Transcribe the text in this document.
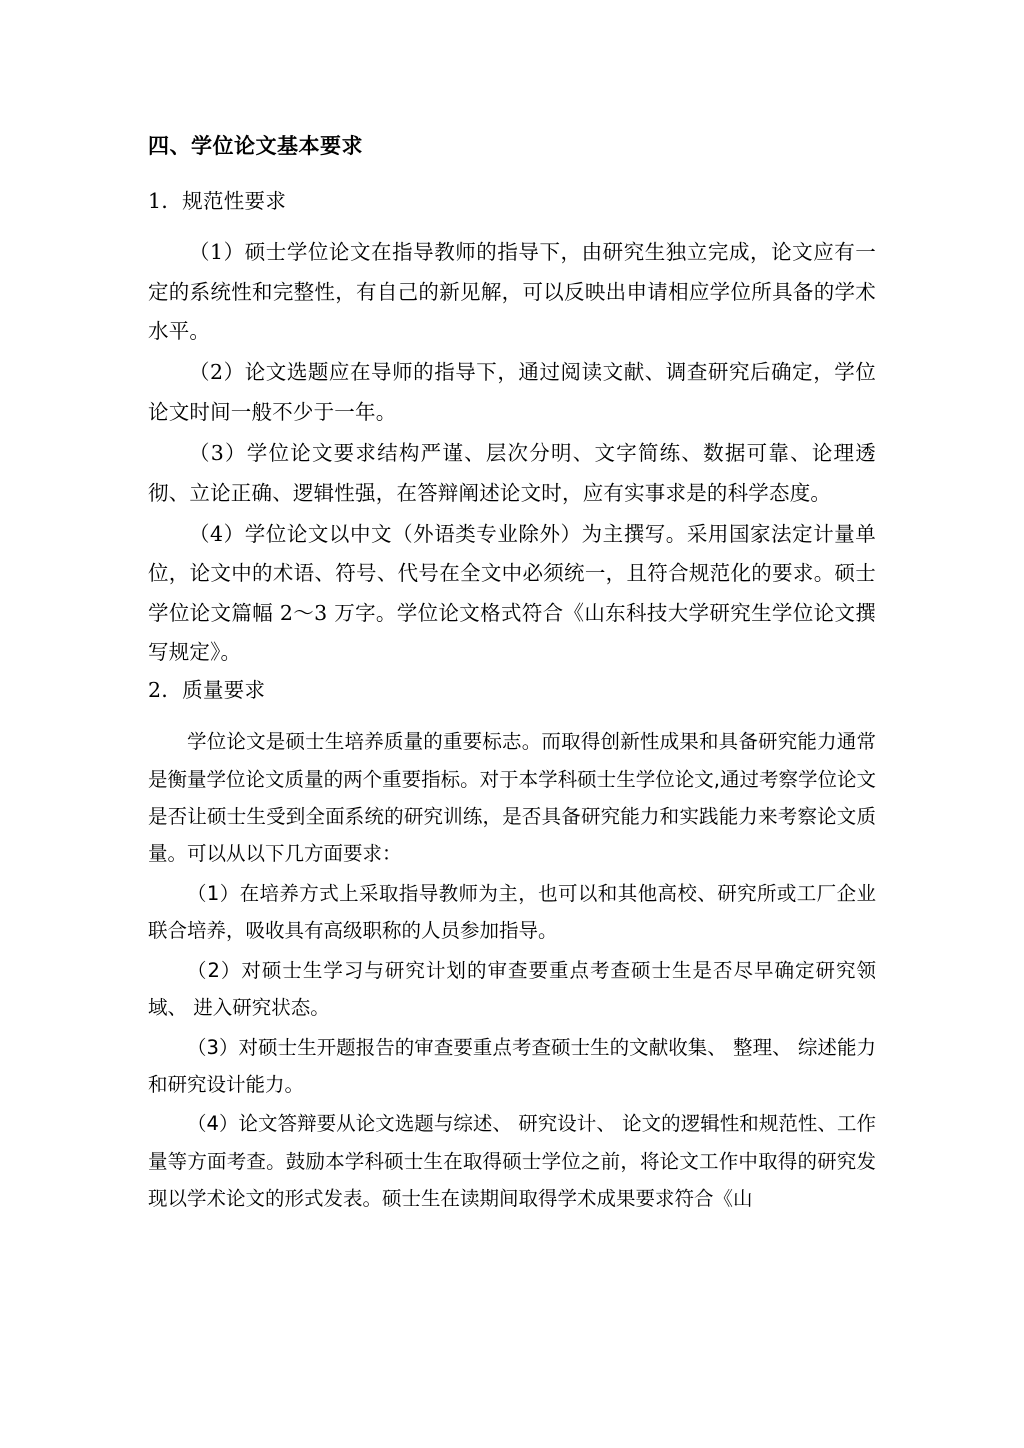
四、学位论文基本要求
1．规范性要求

（1）硕士学位论文在指导教师的指导下，由研究生独立完成，论文应有一定的系统性和完整性，有自己的新见解，可以反映出申请相应学位所具备的学术水平。

（2）论文选题应在导师的指导下，通过阅读文献、调查研究后确定，学位论文时间一般不少于一年。

（3）学位论文要求结构严谨、层次分明、文字简练、数据可靠、论理透彻、立论正确、逻辑性强，在答辩阐述论文时，应有实事求是的科学态度。

（4）学位论文以中文（外语类专业除外）为主撰写。采用国家法定计量单位，论文中的术语、符号、代号在全文中必须统一，且符合规范化的要求。硕士学位论文篇幅 2～3 万字。学位论文格式符合《山东科技大学研究生学位论文撰写规定》。

2．质量要求

学位论文是硕士生培养质量的重要标志。而取得创新性成果和具备研究能力通常是衡量学位论文质量的两个重要指标。对于本学科硕士生学位论文,通过考察学位论文是否让硕士生受到全面系统的研究训练，是否具备研究能力和实践能力来考察论文质量。可以从以下几方面要求：

（1）在培养方式上采取指导教师为主，也可以和其他高校、研究所或工厂企业联合培养，吸收具有高级职称的人员参加指导。

（2）对硕士生学习与研究计划的审查要重点考查硕士生是否尽早确定研究领域、 进入研究状态。

（3）对硕士生开题报告的审查要重点考查硕士生的文献收集、 整理、 综述能力和研究设计能力。

（4）论文答辩要从论文选题与综述、 研究设计、 论文的逻辑性和规范性、工作量等方面考查。鼓励本学科硕士生在取得硕士学位之前，将论文工作中取得的研究发现以学术论文的形式发表。硕士生在读期间取得学术成果要求符合《山
